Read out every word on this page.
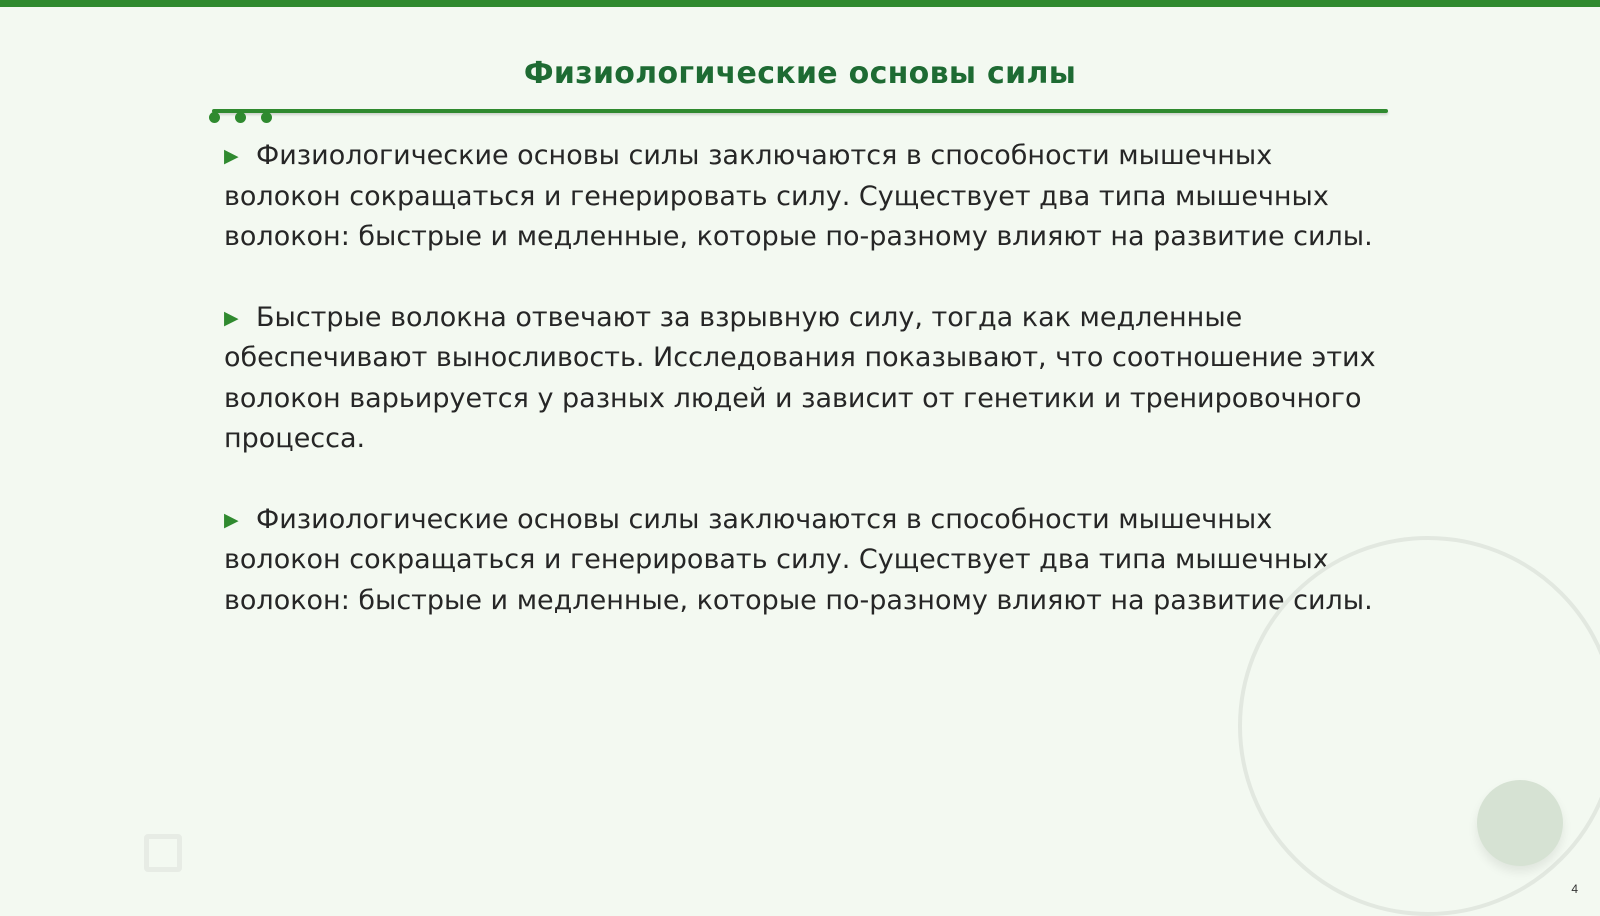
Физиологические основы силы

▶ Физиологические основы силы заключаются в способности мышечных волокон сокращаться и генерировать силу. Существует два типа мышечных волокон: быстрые и медленные, которые по-разному влияют на развитие силы.

▶ Быстрые волокна отвечают за взрывную силу, тогда как медленные обеспечивают выносливость. Исследования показывают, что соотношение этих волокон варьируется у разных людей и зависит от генетики и тренировочного процесса.

▶ Физиологические основы силы заключаются в способности мышечных волокон сокращаться и генерировать силу. Существует два типа мышечных волокон: быстрые и медленные, которые по-разному влияют на развитие силы.

4
